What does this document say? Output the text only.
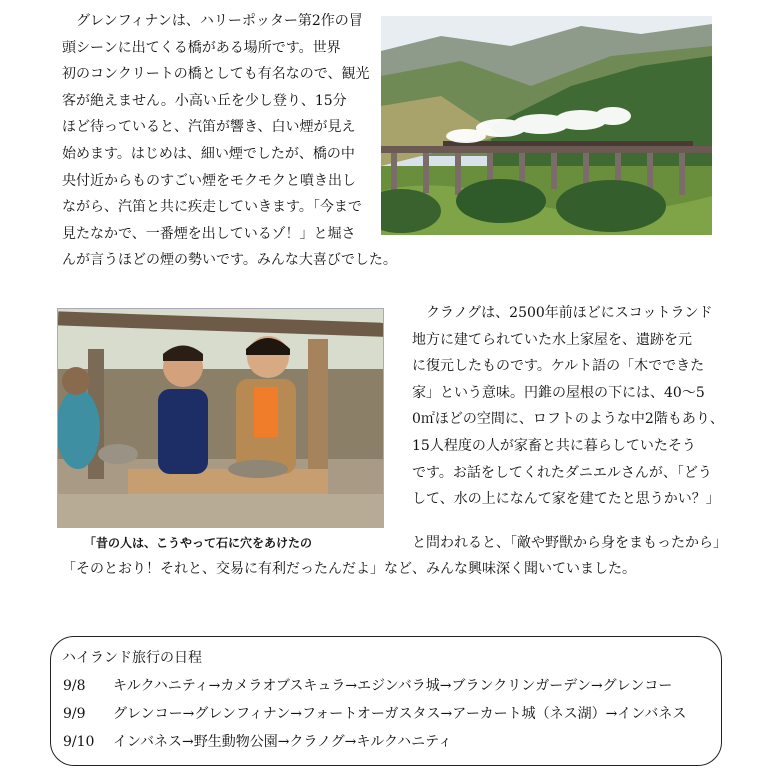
　グレンフィナンは、ハリーポッター第2作の冒
頭シーンに出てくる橋がある場所です。世界
初のコンクリートの橋としても有名なので、観光
客が絶えません。小高い丘を少し登り、15分
ほど待っていると、汽笛が響き、白い煙が見え
始めます。はじめは、細い煙でしたが、橋の中
央付近からものすごい煙をモクモクと噴き出し
ながら、汽笛と共に疾走していきます。「今まで
見たなかで、一番煙を出しているゾ！」と堀さ
んが言うほどの煙の勢いです。みんな大喜びでした。
「昔の人は、こうやって石に穴をあけたの
　クラノグは、2500年前ほどにスコットランド
地方に建てられていた水上家屋を、遺跡を元
に復元したものです。ケルト語の「木でできた
家」という意味。円錐の屋根の下には、40～5
0㎡ほどの空間に、ロフトのような中2階もあり、
15人程度の人が家畜と共に暮らしていたそう
です。お話をしてくれたダニエルさんが、「どう
して、水の上になんて家を建てたと思うかい？」
と問われると、「敵や野獣から身をまもったから」
「そのとおり！それと、交易に有利だったんだよ」など、みんな興味深く聞いていました。
ハイランド旅行の日程
9/8 キルクハニティ→カメラオブスキュラ→エジンバラ城→ブランクリンガーデン→グレンコー
9/9 グレンコー→グレンフィナン→フォートオーガスタス→アーカート城（ネス湖）→インバネス
9/10 インバネス→野生動物公園→クラノグ→キルクハニティ
